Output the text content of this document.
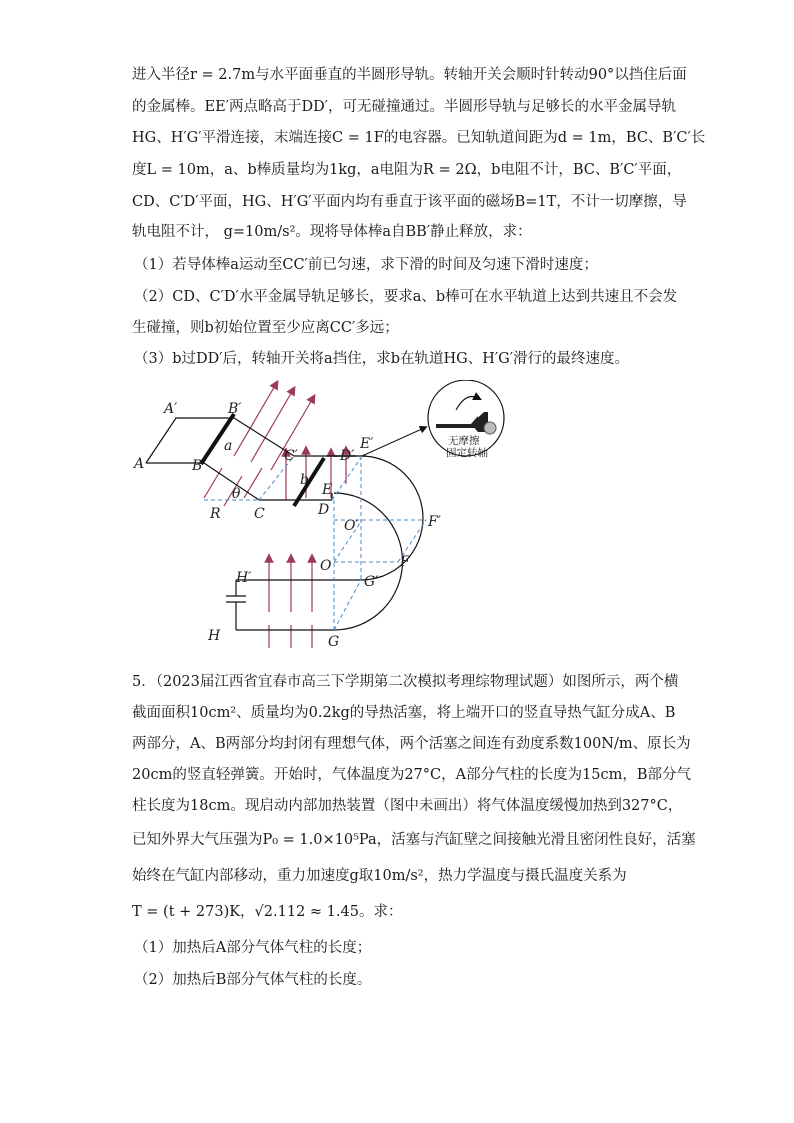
进入半径r = 2.7m与水平面垂直的半圆形导轨。转轴开关会顺时针转动90°以挡住后面
的金属棒。EE′两点略高于DD′，可无碰撞通过。半圆形导轨与足够长的水平金属导轨
HG、H′G′平滑连接，末端连接C = 1F的电容器。已知轨道间距为d = 1m，BC、B′C′长
度L = 10m，a、b棒质量均为1kg，a电阻为R = 2Ω，b电阻不计，BC、B′C′平面，
CD、C′D′平面，HG、H′G′平面内均有垂直于该平面的磁场B=1T，不计一切摩擦，导
轨电阻不计， g=10m/s²。现将导体棒a自BB′静止释放，求：
（1）若导体棒a运动至CC′前已匀速，求下滑的时间及匀速下滑时速度；
（2）CD、C′D′水平金属导轨足够长，要求a、b棒可在水平轨道上达到共速且不会发
生碰撞，则b初始位置至少应离CC′多远；
（3）b过DD′后，转轴开关将a挡住，求b在轨道HG、H′G′滑行的最终速度。
无摩擦
固定转轴
A′	B′
A	B
a
b
C′	D′
E′
E
D
θ
R C
O′	F′
O	F
G′
H′
H	G
5．（2023届江西省宜春市高三下学期第二次模拟考理综物理试题）如图所示，两个横
截面面积10cm²、质量均为0.2kg的导热活塞，将上端开口的竖直导热气缸分成A、B
两部分，A、B两部分均封闭有理想气体，两个活塞之间连有劲度系数100N/m、原长为
20cm的竖直轻弹簧。开始时，气体温度为27°C，A部分气柱的长度为15cm，B部分气
柱长度为18cm。现启动内部加热装置（图中未画出）将气体温度缓慢加热到327°C，
已知外界大气压强为P₀ = 1.0×10⁵Pa，活塞与汽缸壁之间接触光滑且密闭性良好，活塞
始终在气缸内部移动，重力加速度g取10m/s²，热力学温度与摄氏温度关系为
T = (t + 273)K，√2.112 ≈ 1.45。求：
（1）加热后A部分气体气柱的长度；
（2）加热后B部分气体气柱的长度。
